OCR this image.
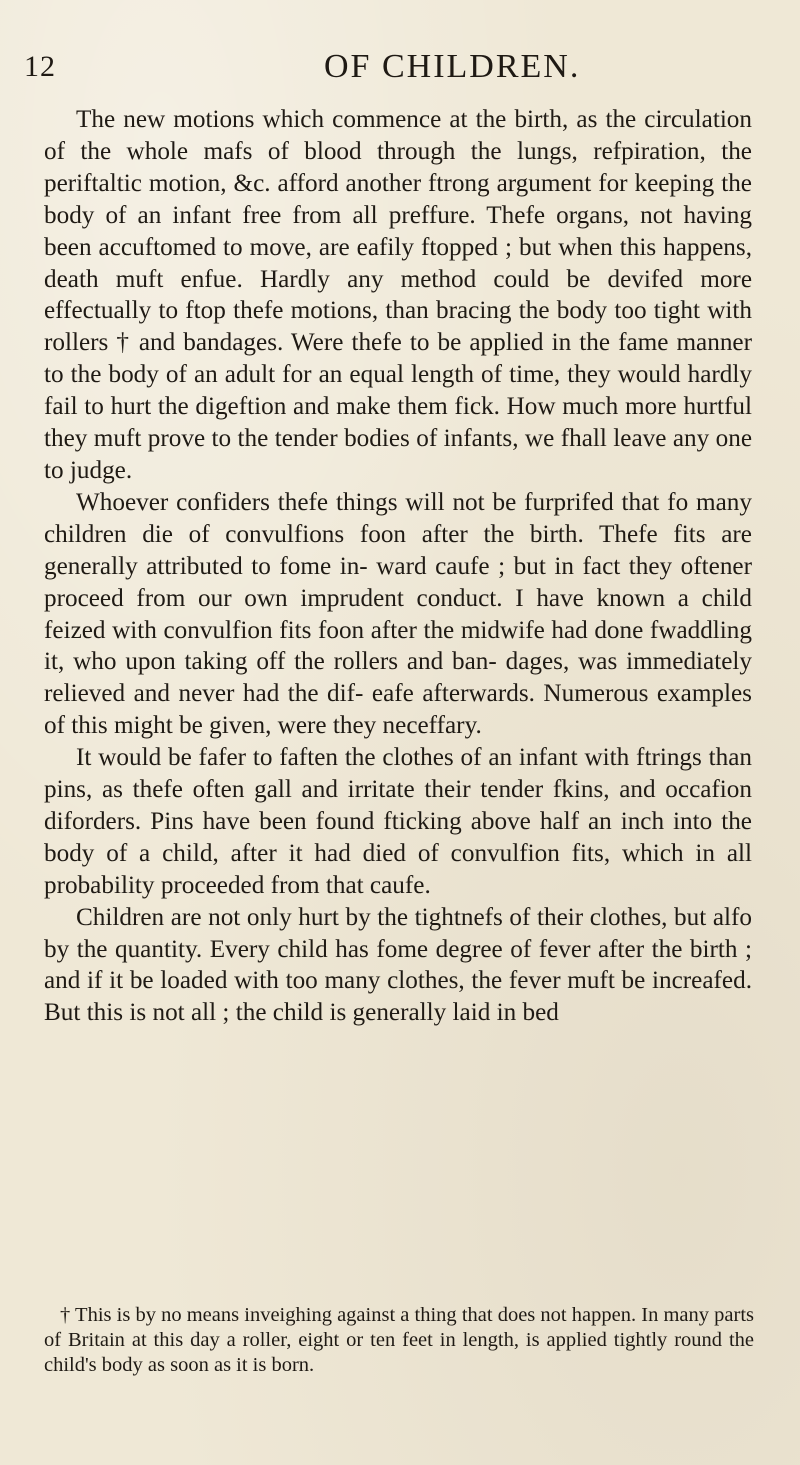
12	OF CHILDREN.

The new motions which commence at the birth, as the circulation of the whole mafs of blood through the lungs, refpiration, the periftaltic motion, &c. afford another ftrong argument for keeping the body of an infant free from all preffure. Thefe organs, not having been accuftomed to move, are eafily ftopped ; but when this happens, death muft enfue. Hardly any method could be devifed more effectually to ftop thefe motions, than bracing the body too tight with rollers † and bandages. Were thefe to be applied in the fame manner to the body of an adult for an equal length of time, they would hardly fail to hurt the digeftion and make them fick. How much more hurtful they muft prove to the tender bodies of infants, we fhall leave any one to judge.

Whoever confiders thefe things will not be furprifed that fo many children die of convulfions foon after the birth. Thefe fits are generally attributed to fome in- ward caufe ; but in fact they oftener proceed from our own imprudent conduct. I have known a child feized with convulfion fits foon after the midwife had done fwaddling it, who upon taking off the rollers and ban- dages, was immediately relieved and never had the dif- eafe afterwards. Numerous examples of this might be given, were they neceffary.

It would be fafer to faften the clothes of an infant with ftrings than pins, as thefe often gall and irritate their tender fkins, and occafion diforders. Pins have been found fticking above half an inch into the body of a child, after it had died of convulfion fits, which in all probability proceeded from that caufe.

Children are not only hurt by the tightnefs of their clothes, but alfo by the quantity. Every child has fome degree of fever after the birth ; and if it be loaded with too many clothes, the fever muft be increafed. But this is not all ; the child is generally laid in bed

† This is by no means inveighing against a thing that does not happen. In many parts of Britain at this day a roller, eight or ten feet in length, is applied tightly round the child's body as soon as it is born.
